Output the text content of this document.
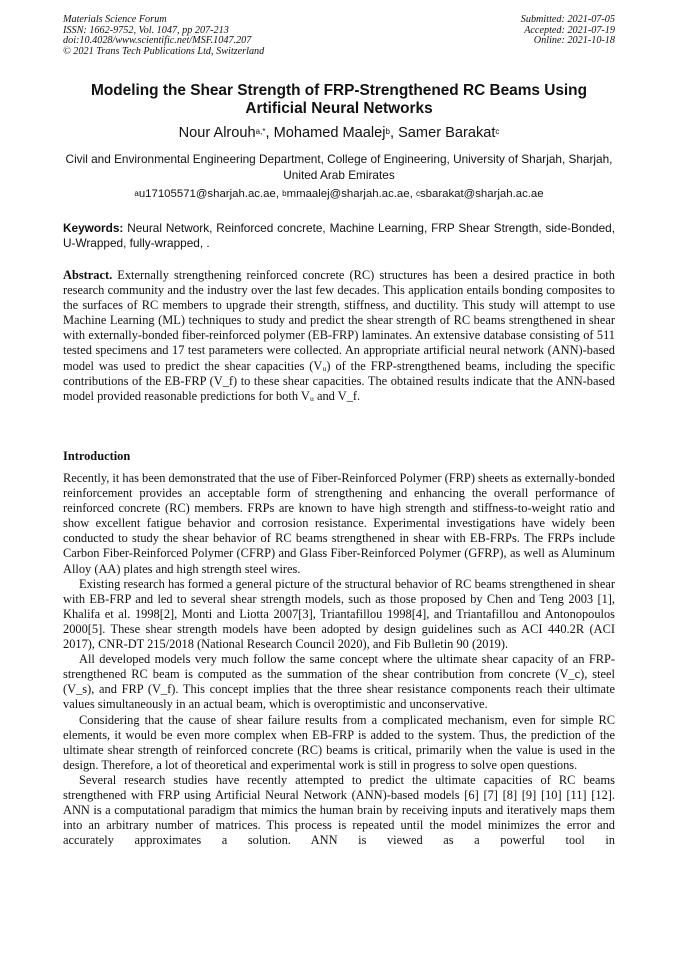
Materials Science Forum
ISSN: 1662-9752, Vol. 1047, pp 207-213
doi:10.4028/www.scientific.net/MSF.1047.207
© 2021 Trans Tech Publications Ltd, Switzerland
Submitted: 2021-07-05
Accepted: 2021-07-19
Online: 2021-10-18
Modeling the Shear Strength of FRP-Strengthened RC Beams Using Artificial Neural Networks
Nour Alrouh$^{a,*}$, Mohamed Maalej$^b$, Samer Barakat$^c$
Civil and Environmental Engineering Department, College of Engineering, University of Sharjah, Sharjah, United Arab Emirates
$^a$u17105571@sharjah.ac.ae, $^b$mmaalej@sharjah.ac.ae, $^c$sbarakat@sharjah.ac.ae
Keywords: Neural Network, Reinforced concrete, Machine Learning, FRP Shear Strength, side-Bonded, U-Wrapped, fully-wrapped, .
Abstract. Externally strengthening reinforced concrete (RC) structures has been a desired practice in both research community and the industry over the last few decades. This application entails bonding composites to the surfaces of RC members to upgrade their strength, stiffness, and ductility. This study will attempt to use Machine Learning (ML) techniques to study and predict the shear strength of RC beams strengthened in shear with externally-bonded fiber-reinforced polymer (EB-FRP) laminates. An extensive database consisting of 511 tested specimens and 17 test parameters were collected. An appropriate artificial neural network (ANN)-based model was used to predict the shear capacities (Vᵤ) of the FRP-strengthened beams, including the specific contributions of the EB-FRP (V_f) to these shear capacities. The obtained results indicate that the ANN-based model provided reasonable predictions for both Vᵤ and V_f.
Introduction

Recently, it has been demonstrated that the use of Fiber-Reinforced Polymer (FRP) sheets as externally-bonded reinforcement provides an acceptable form of strengthening and enhancing the overall performance of reinforced concrete (RC) members. FRPs are known to have high strength and stiffness-to-weight ratio and show excellent fatigue behavior and corrosion resistance. Experimental investigations have widely been conducted to study the shear behavior of RC beams strengthened in shear with EB-FRPs. The FRPs include Carbon Fiber-Reinforced Polymer (CFRP) and Glass Fiber-Reinforced Polymer (GFRP), as well as Aluminum Alloy (AA) plates and high strength steel wires.

Existing research has formed a general picture of the structural behavior of RC beams strengthened in shear with EB-FRP and led to several shear strength models, such as those proposed by Chen and Teng 2003 [1], Khalifa et al. 1998[2], Monti and Liotta 2007[3], Triantafillou 1998[4], and Triantafillou and Antonopoulos 2000[5]. These shear strength models have been adopted by design guidelines such as ACI 440.2R (ACI 2017), CNR-DT 215/2018 (National Research Council 2020), and Fib Bulletin 90 (2019).

All developed models very much follow the same concept where the ultimate shear capacity of an FRP-strengthened RC beam is computed as the summation of the shear contribution from concrete (V_c), steel (V_s), and FRP (V_f). This concept implies that the three shear resistance components reach their ultimate values simultaneously in an actual beam, which is overoptimistic and unconservative.

Considering that the cause of shear failure results from a complicated mechanism, even for simple RC elements, it would be even more complex when EB-FRP is added to the system. Thus, the prediction of the ultimate shear strength of reinforced concrete (RC) beams is critical, primarily when the value is used in the design. Therefore, a lot of theoretical and experimental work is still in progress to solve open questions.

Several research studies have recently attempted to predict the ultimate capacities of RC beams strengthened with FRP using Artificial Neural Network (ANN)-based models [6] [7] [8] [9] [10] [11] [12]. ANN is a computational paradigm that mimics the human brain by receiving inputs and iteratively maps them into an arbitrary number of matrices. This process is repeated until the model minimizes the error and accurately approximates a solution. ANN is viewed as a powerful tool in
